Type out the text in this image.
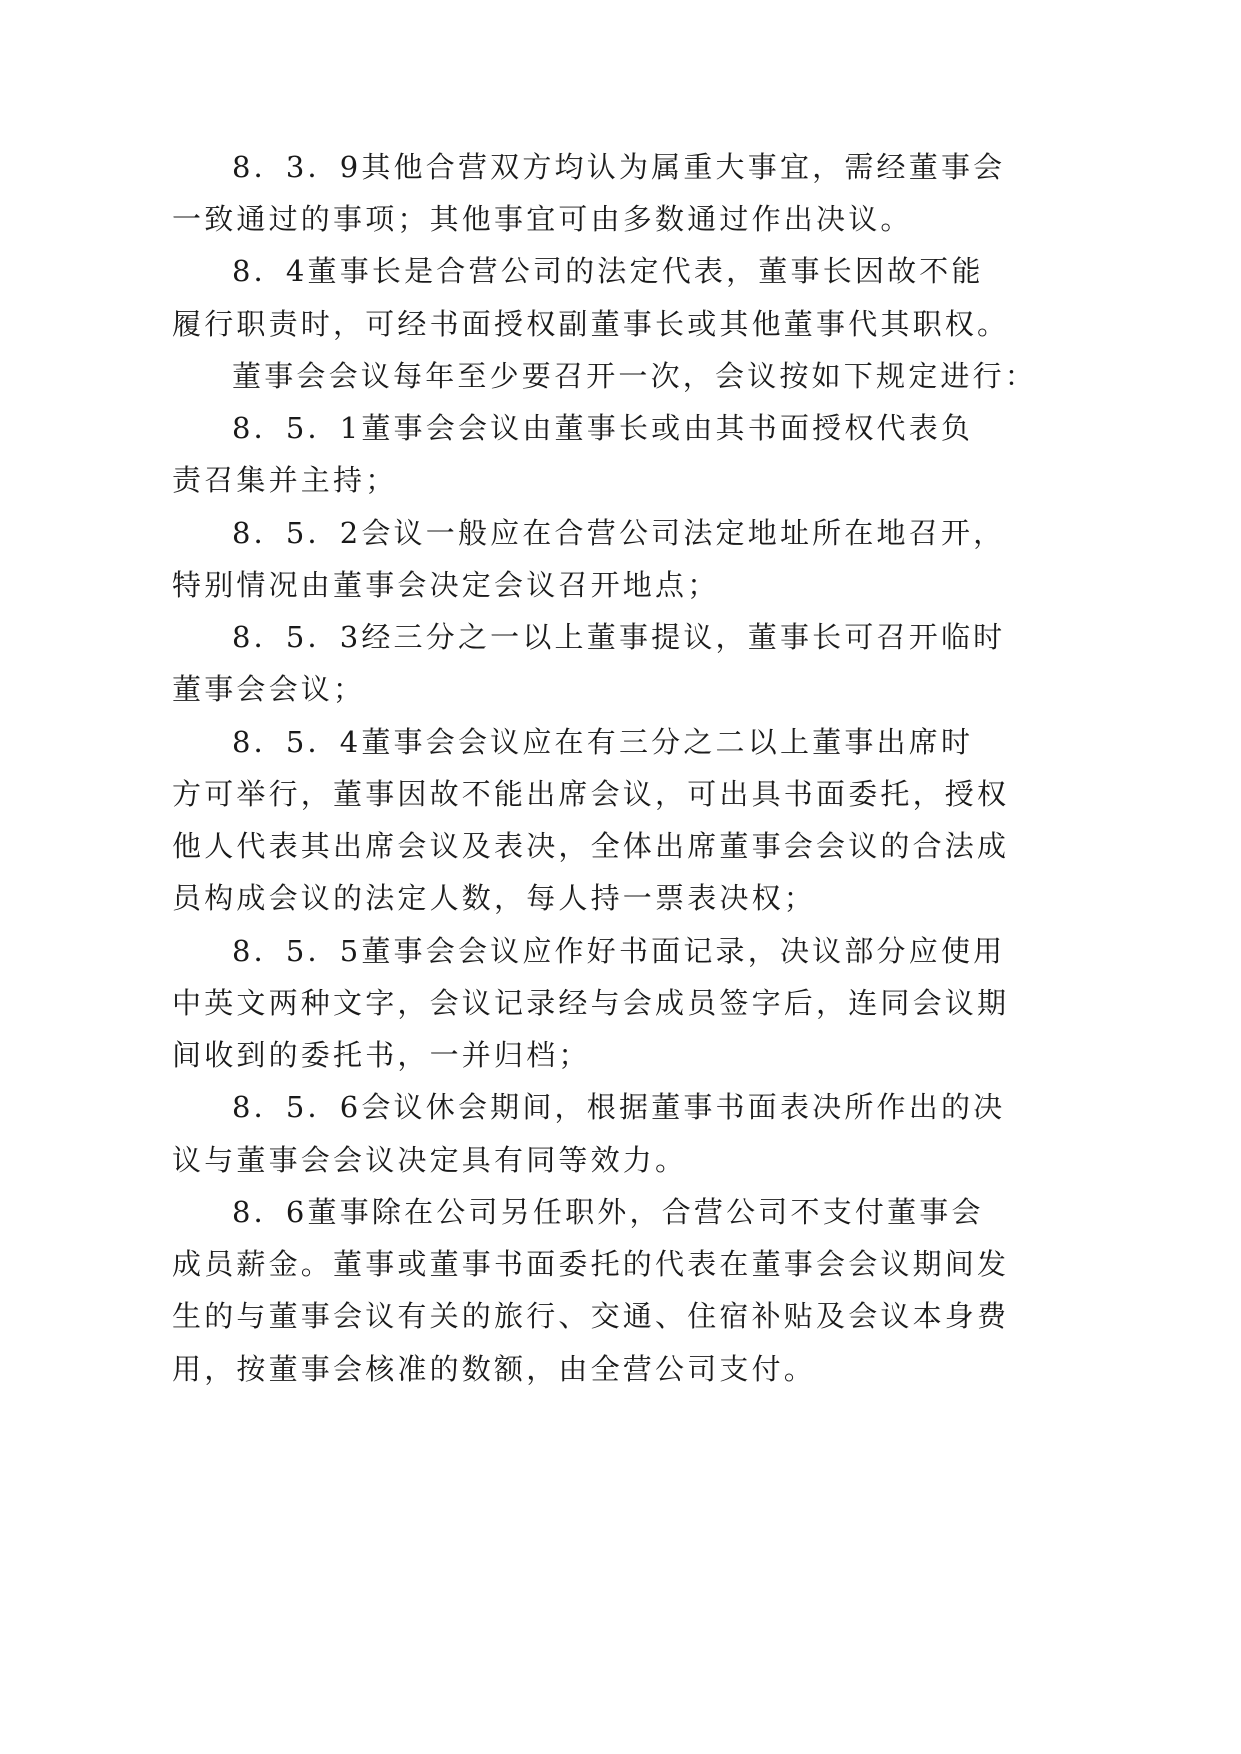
8．3．9其他合营双方均认为属重大事宜，需经董事会
一致通过的事项；其他事宜可由多数通过作出决议。
8．4董事长是合营公司的法定代表，董事长因故不能
履行职责时，可经书面授权副董事长或其他董事代其职权。
董事会会议每年至少要召开一次，会议按如下规定进行：
8．5．1董事会会议由董事长或由其书面授权代表负
责召集并主持；
8．5．2会议一般应在合营公司法定地址所在地召开，
特别情况由董事会决定会议召开地点；
8．5．3经三分之一以上董事提议，董事长可召开临时
董事会会议；
8．5．4董事会会议应在有三分之二以上董事出席时
方可举行，董事因故不能出席会议，可出具书面委托，授权
他人代表其出席会议及表决，全体出席董事会会议的合法成
员构成会议的法定人数，每人持一票表决权；
8．5．5董事会会议应作好书面记录，决议部分应使用
中英文两种文字，会议记录经与会成员签字后，连同会议期
间收到的委托书，一并归档；
8．5．6会议休会期间，根据董事书面表决所作出的决
议与董事会会议决定具有同等效力。
8．6董事除在公司另任职外，合营公司不支付董事会
成员薪金。董事或董事书面委托的代表在董事会会议期间发
生的与董事会议有关的旅行、交通、住宿补贴及会议本身费
用，按董事会核准的数额，由全营公司支付。
